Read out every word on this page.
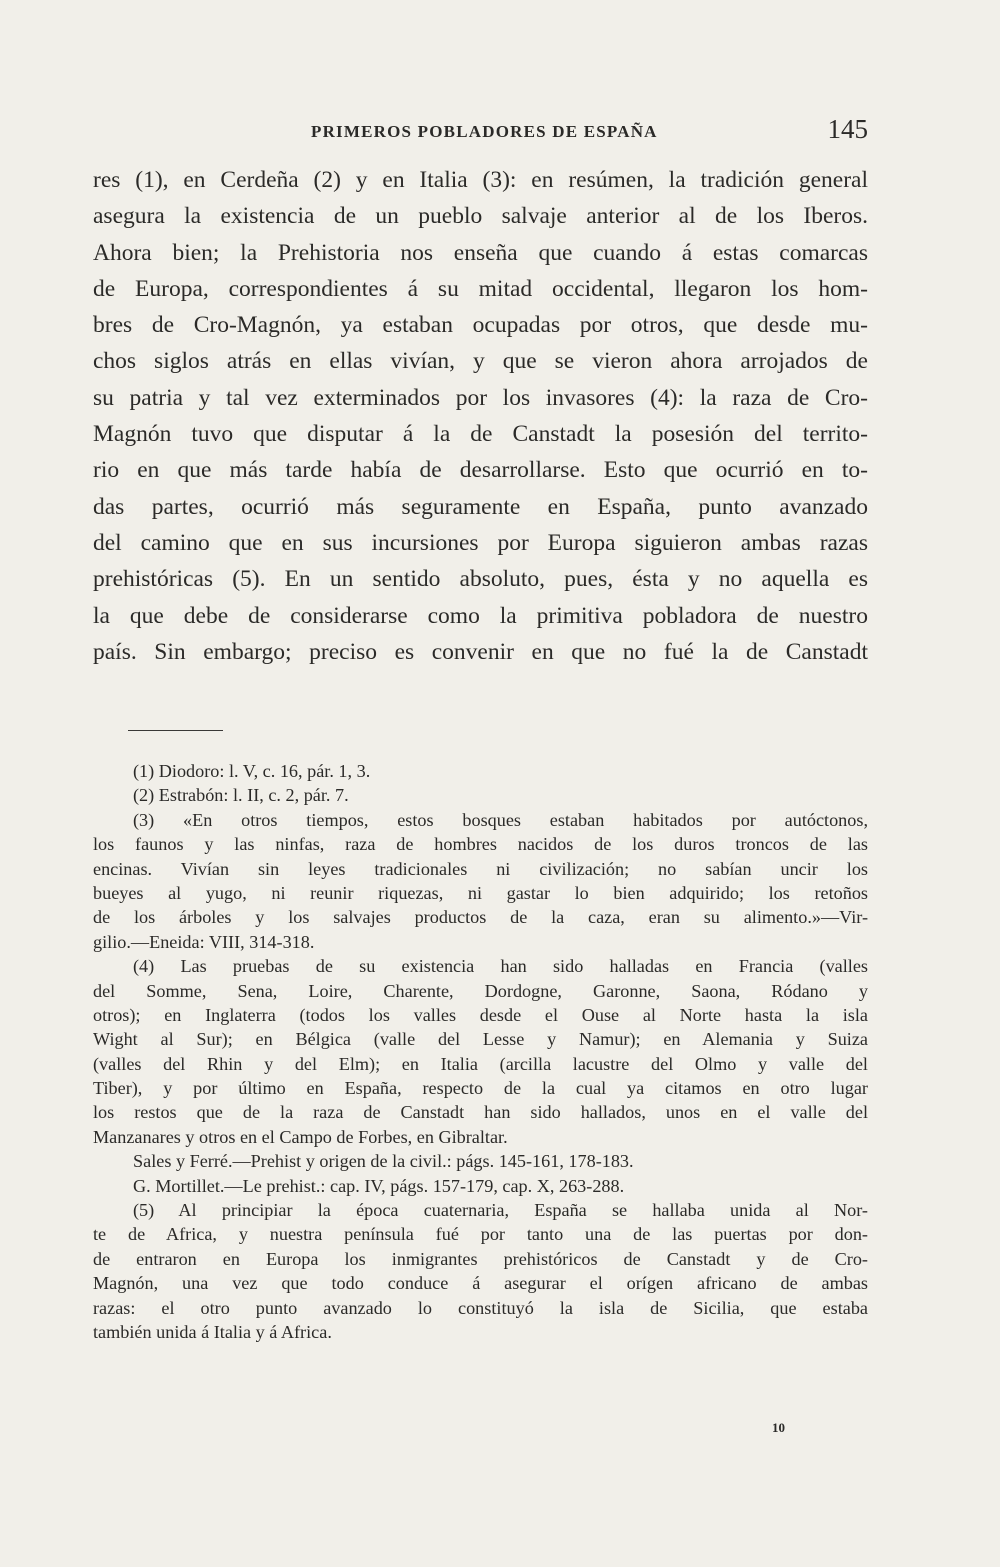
PRIMEROS POBLADORES DE ESPAÑA	145
res (1), en Cerdeña (2) y en Italia (3): en resúmen, la tradición general
asegura la existencia de un pueblo salvaje anterior al de los Iberos.
Ahora bien; la Prehistoria nos enseña que cuando á estas comarcas
de Europa, correspondientes á su mitad occidental, llegaron los hom-
bres de Cro-Magnón, ya estaban ocupadas por otros, que desde mu-
chos siglos atrás en ellas vivían, y que se vieron ahora arrojados de
su patria y tal vez exterminados por los invasores (4): la raza de Cro-
Magnón tuvo que disputar á la de Canstadt la posesión del territo-
rio en que más tarde había de desarrollarse. Esto que ocurrió en to-
das partes, ocurrió más seguramente en España, punto avanzado
del camino que en sus incursiones por Europa siguieron ambas razas
prehistóricas (5). En un sentido absoluto, pues, ésta y no aquella es
la que debe de considerarse como la primitiva pobladora de nuestro
país. Sin embargo; preciso es convenir en que no fué la de Canstadt
(1) Diodoro: l. V, c. 16, pár. 1, 3.
(2) Estrabón: l. II, c. 2, pár. 7.
(3) «En otros tiempos, estos bosques estaban habitados por autóctonos,
los faunos y las ninfas, raza de hombres nacidos de los duros troncos de las
encinas. Vivían sin leyes tradicionales ni civilización; no sabían uncir los
bueyes al yugo, ni reunir riquezas, ni gastar lo bien adquirido; los retoños
de los árboles y los salvajes productos de la caza, eran su alimento.»—Vir-
gilio.—Eneida: VIII, 314-318.
(4) Las pruebas de su existencia han sido halladas en Francia (valles
del Somme, Sena, Loire, Charente, Dordogne, Garonne, Saona, Ródano y
otros); en Inglaterra (todos los valles desde el Ouse al Norte hasta la isla
Wight al Sur); en Bélgica (valle del Lesse y Namur); en Alemania y Suiza
(valles del Rhin y del Elm); en Italia (arcilla lacustre del Olmo y valle del
Tiber), y por último en España, respecto de la cual ya citamos en otro lugar
los restos que de la raza de Canstadt han sido hallados, unos en el valle del
Manzanares y otros en el Campo de Forbes, en Gibraltar.
Sales y Ferré.—Prehist y origen de la civil.: págs. 145-161, 178-183.
G. Mortillet.—Le prehist.: cap. IV, págs. 157-179, cap. X, 263-288.
(5) Al principiar la época cuaternaria, España se hallaba unida al Nor-
te de Africa, y nuestra península fué por tanto una de las puertas por don-
de entraron en Europa los inmigrantes prehistóricos de Canstadt y de Cro-
Magnón, una vez que todo conduce á asegurar el orígen africano de ambas
razas: el otro punto avanzado lo constituyó la isla de Sicilia, que estaba
también unida á Italia y á Africa.
10
